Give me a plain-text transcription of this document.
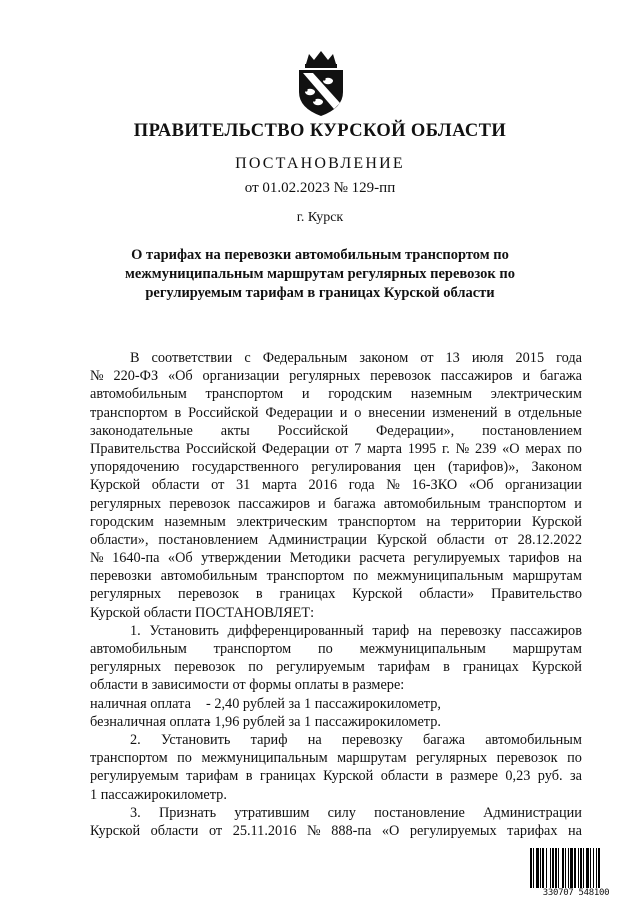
ПРАВИТЕЛЬСТВО КУРСКОЙ ОБЛАСТИ
ПОСТАНОВЛЕНИЕ
от 01.02.2023 № 129-пп
г. Курск
О тарифах на перевозки автомобильным транспортом по
межмуниципальным маршрутам регулярных перевозок по
регулируемым тарифам в границах Курской области
В соответствии с Федеральным законом от 13 июля 2015 года
№ 220-ФЗ «Об организации регулярных перевозок пассажиров и багажа
автомобильным транспортом и городским наземным электрическим
транспортом в Российской Федерации и о внесении изменений в отдельные
законодательные акты Российской Федерации», постановлением
Правительства Российской Федерации от 7 марта 1995 г. № 239 «О мерах по
упорядочению государственного регулирования цен (тарифов)», Законом
Курской области от 31 марта 2016 года № 16-ЗКО «Об организации
регулярных перевозок пассажиров и багажа автомобильным транспортом и
городским наземным электрическим транспортом на территории Курской
области», постановлением Администрации Курской области от 28.12.2022
№ 1640-па «Об утверждении Методики расчета регулируемых тарифов на
перевозки автомобильным транспортом по межмуниципальным маршрутам
регулярных перевозок в границах Курской области» Правительство
Курской области ПОСТАНОВЛЯЕТ:
1. Установить дифференцированный тариф на перевозку пассажиров
автомобильным транспортом по межмуниципальным маршрутам
регулярных перевозок по регулируемым тарифам в границах Курской
области в зависимости от формы оплаты в размере:
наличная оплата	- 2,40 рублей за 1 пассажирокилометр,
безналичная оплата
- 1,96 рублей за 1 пассажирокилометр.
2. Установить тариф на перевозку багажа автомобильным
транспортом по межмуниципальным маршрутам регулярных перевозок по
регулируемым тарифам в границах Курской области в размере 0,23 руб. за
1 пассажирокилометр.
3. Признать утратившим силу постановление Администрации
Курской области от 25.11.2016 № 888-па «О регулируемых тарифах на
330707 548100
